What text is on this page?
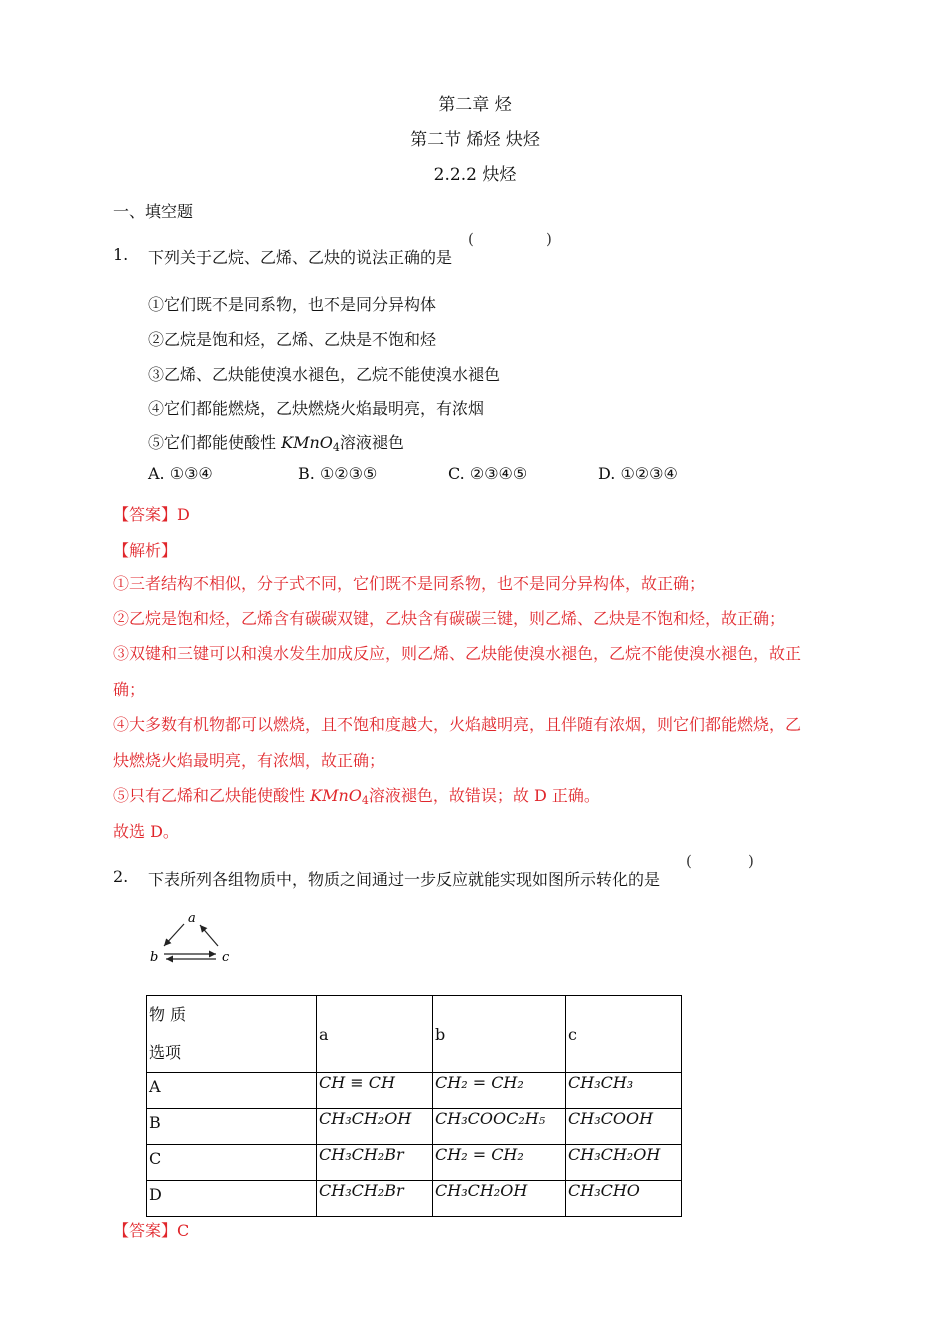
第二章 烃
第二节 烯烃 炔烃
2.2.2 炔烃
一、填空题
1. 下列关于乙烷、乙烯、乙炔的说法正确的是
(	)
①它们既不是同系物，也不是同分异构体
②乙烷是饱和烃，乙烯、乙炔是不饱和烃
③乙烯、乙炔能使溴水褪色，乙烷不能使溴水褪色
④它们都能燃烧，乙炔燃烧火焰最明亮，有浓烟
⑤它们都能使酸性 KMnO$_4$溶液褪色
A. ①③④	B. ①②③⑤	C. ②③④⑤	D. ①②③④
【答案】D
【解析】
①三者结构不相似，分子式不同，它们既不是同系物，也不是同分异构体，故正确；
②乙烷是饱和烃，乙烯含有碳碳双键，乙炔含有碳碳三键，则乙烯、乙炔是不饱和烃，故正确；
③双键和三键可以和溴水发生加成反应，则乙烯、乙炔能使溴水褪色，乙烷不能使溴水褪色，故正
确；
④大多数有机物都可以燃烧，且不饱和度越大，火焰越明亮，且伴随有浓烟，则它们都能燃烧，乙
炔燃烧火焰最明亮，有浓烟，故正确；
⑤只有乙烯和乙炔能使酸性 KMnO$_4$溶液褪色，故错误；故 D 正确。
故选 D。
2. 下表所列各组物质中，物质之间通过一步反应就能实现如图所示转化的是
(	)
a
b	c
物 质
选项	a	b	c
A	CH ≡ CH	CH₂ = CH₂	CH₃CH₃
B	CH₃CH₂OH	CH₃COOC₂H₅	CH₃COOH
C	CH₃CH₂Br	CH₂ = CH₂	CH₃CH₂OH
D	CH₃CH₂Br	CH₃CH₂OH	CH₃CHO
【答案】C
